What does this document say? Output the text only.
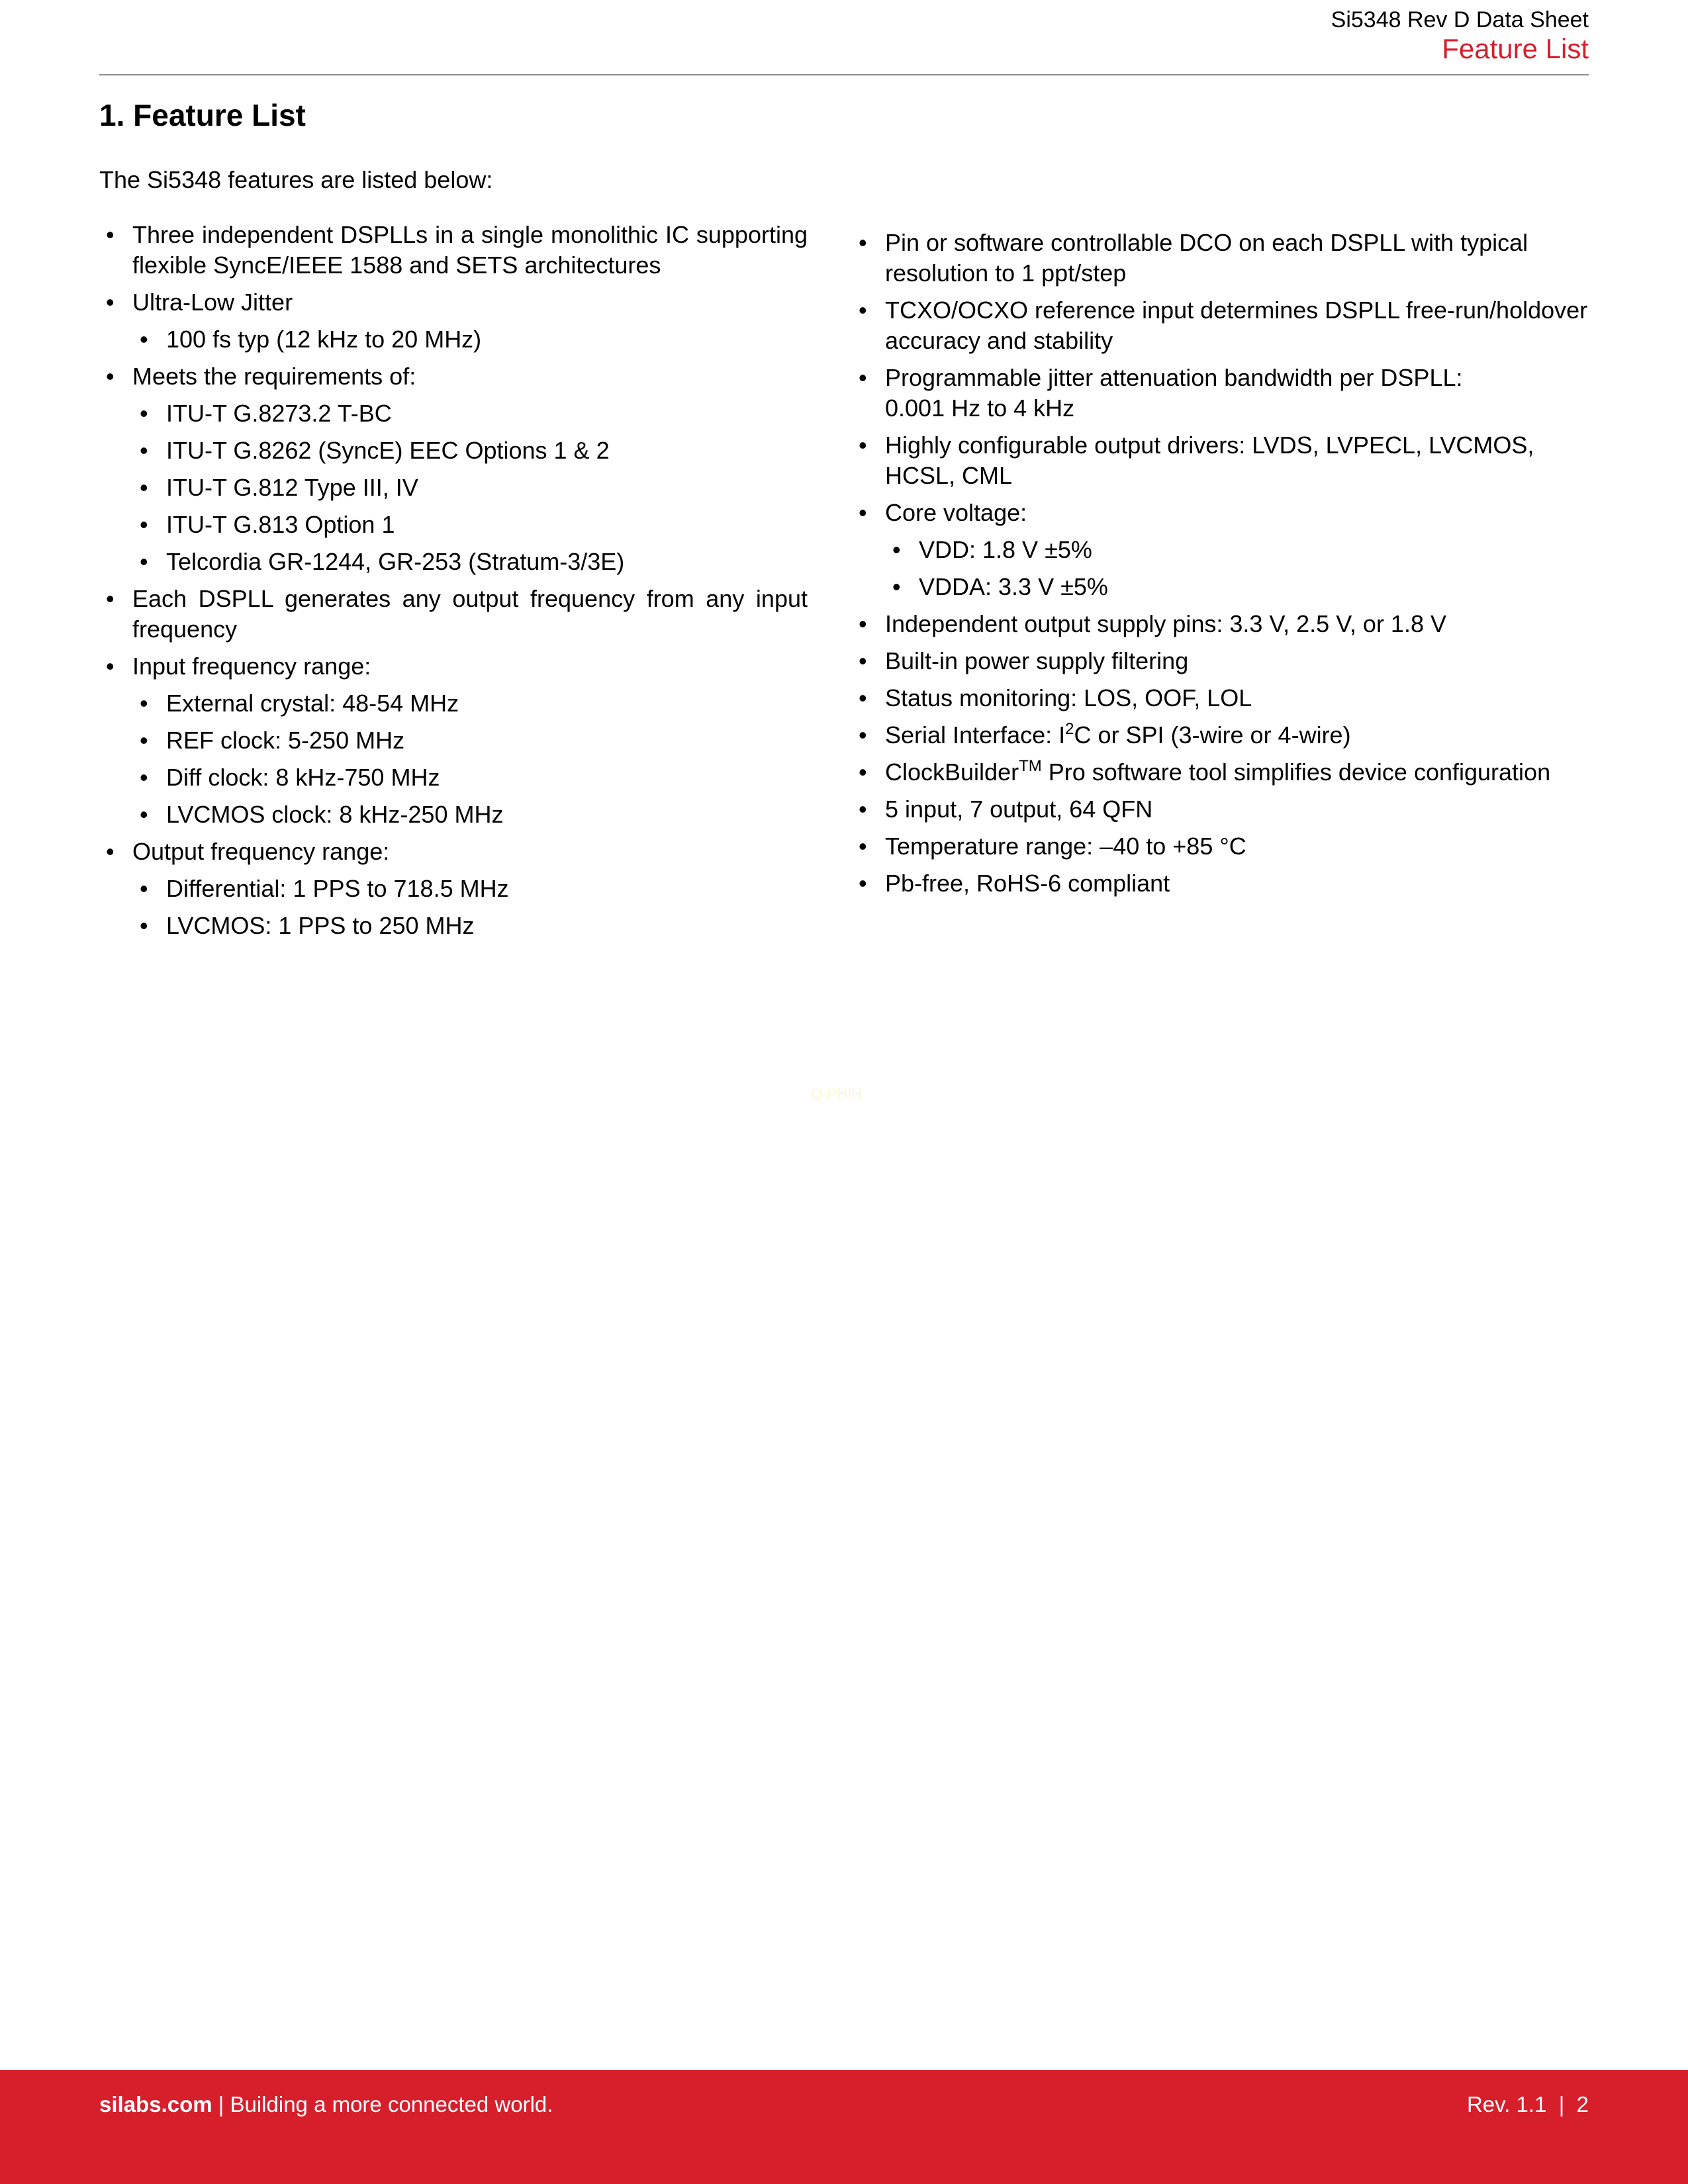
Si5348 Rev D Data Sheet
Feature List
1. Feature List

The Si5348 features are listed below:

• Three independent DSPLLs in a single monolithic IC supporting flexible SyncE/IEEE 1588 and SETS architectures
• Ultra-Low Jitter
• 100 fs typ (12 kHz to 20 MHz)
• Meets the requirements of:
• ITU-T G.8273.2 T-BC
• ITU-T G.8262 (SyncE) EEC Options 1 & 2
• ITU-T G.812 Type III, IV
• ITU-T G.813 Option 1
• Telcordia GR-1244, GR-253 (Stratum-3/3E)
• Each DSPLL generates any output frequency from any input frequency
• Input frequency range:
• External crystal: 48-54 MHz
• REF clock: 5-250 MHz
• Diff clock: 8 kHz-750 MHz
• LVCMOS clock: 8 kHz-250 MHz
• Output frequency range:
• Differential: 1 PPS to 718.5 MHz
• LVCMOS: 1 PPS to 250 MHz
• Pin or software controllable DCO on each DSPLL with typical resolution to 1 ppt/step
• TCXO/OCXO reference input determines DSPLL free-run/holdover accuracy and stability
• Programmable jitter attenuation bandwidth per DSPLL:
0.001 Hz to 4 kHz
• Highly configurable output drivers: LVDS, LVPECL, LVCMOS, HCSL, CML
• Core voltage:
• VDD: 1.8 V ±5%
• VDDA: 3.3 V ±5%
• Independent output supply pins: 3.3 V, 2.5 V, or 1.8 V
• Built-in power supply filtering
• Status monitoring: LOS, OOF, LOL
• Serial Interface: $I^2C$ or SPI (3-wire or 4-wire)
• ClockBuilder™ Pro software tool simplifies device configuration
• 5 input, 7 output, 64 QFN
• Temperature range: –40 to +85 °C
• Pb-free, RoHS-6 compliant
Q-PHIH
silabs.com | Building a more connected world.	Rev. 1.1  |  2
